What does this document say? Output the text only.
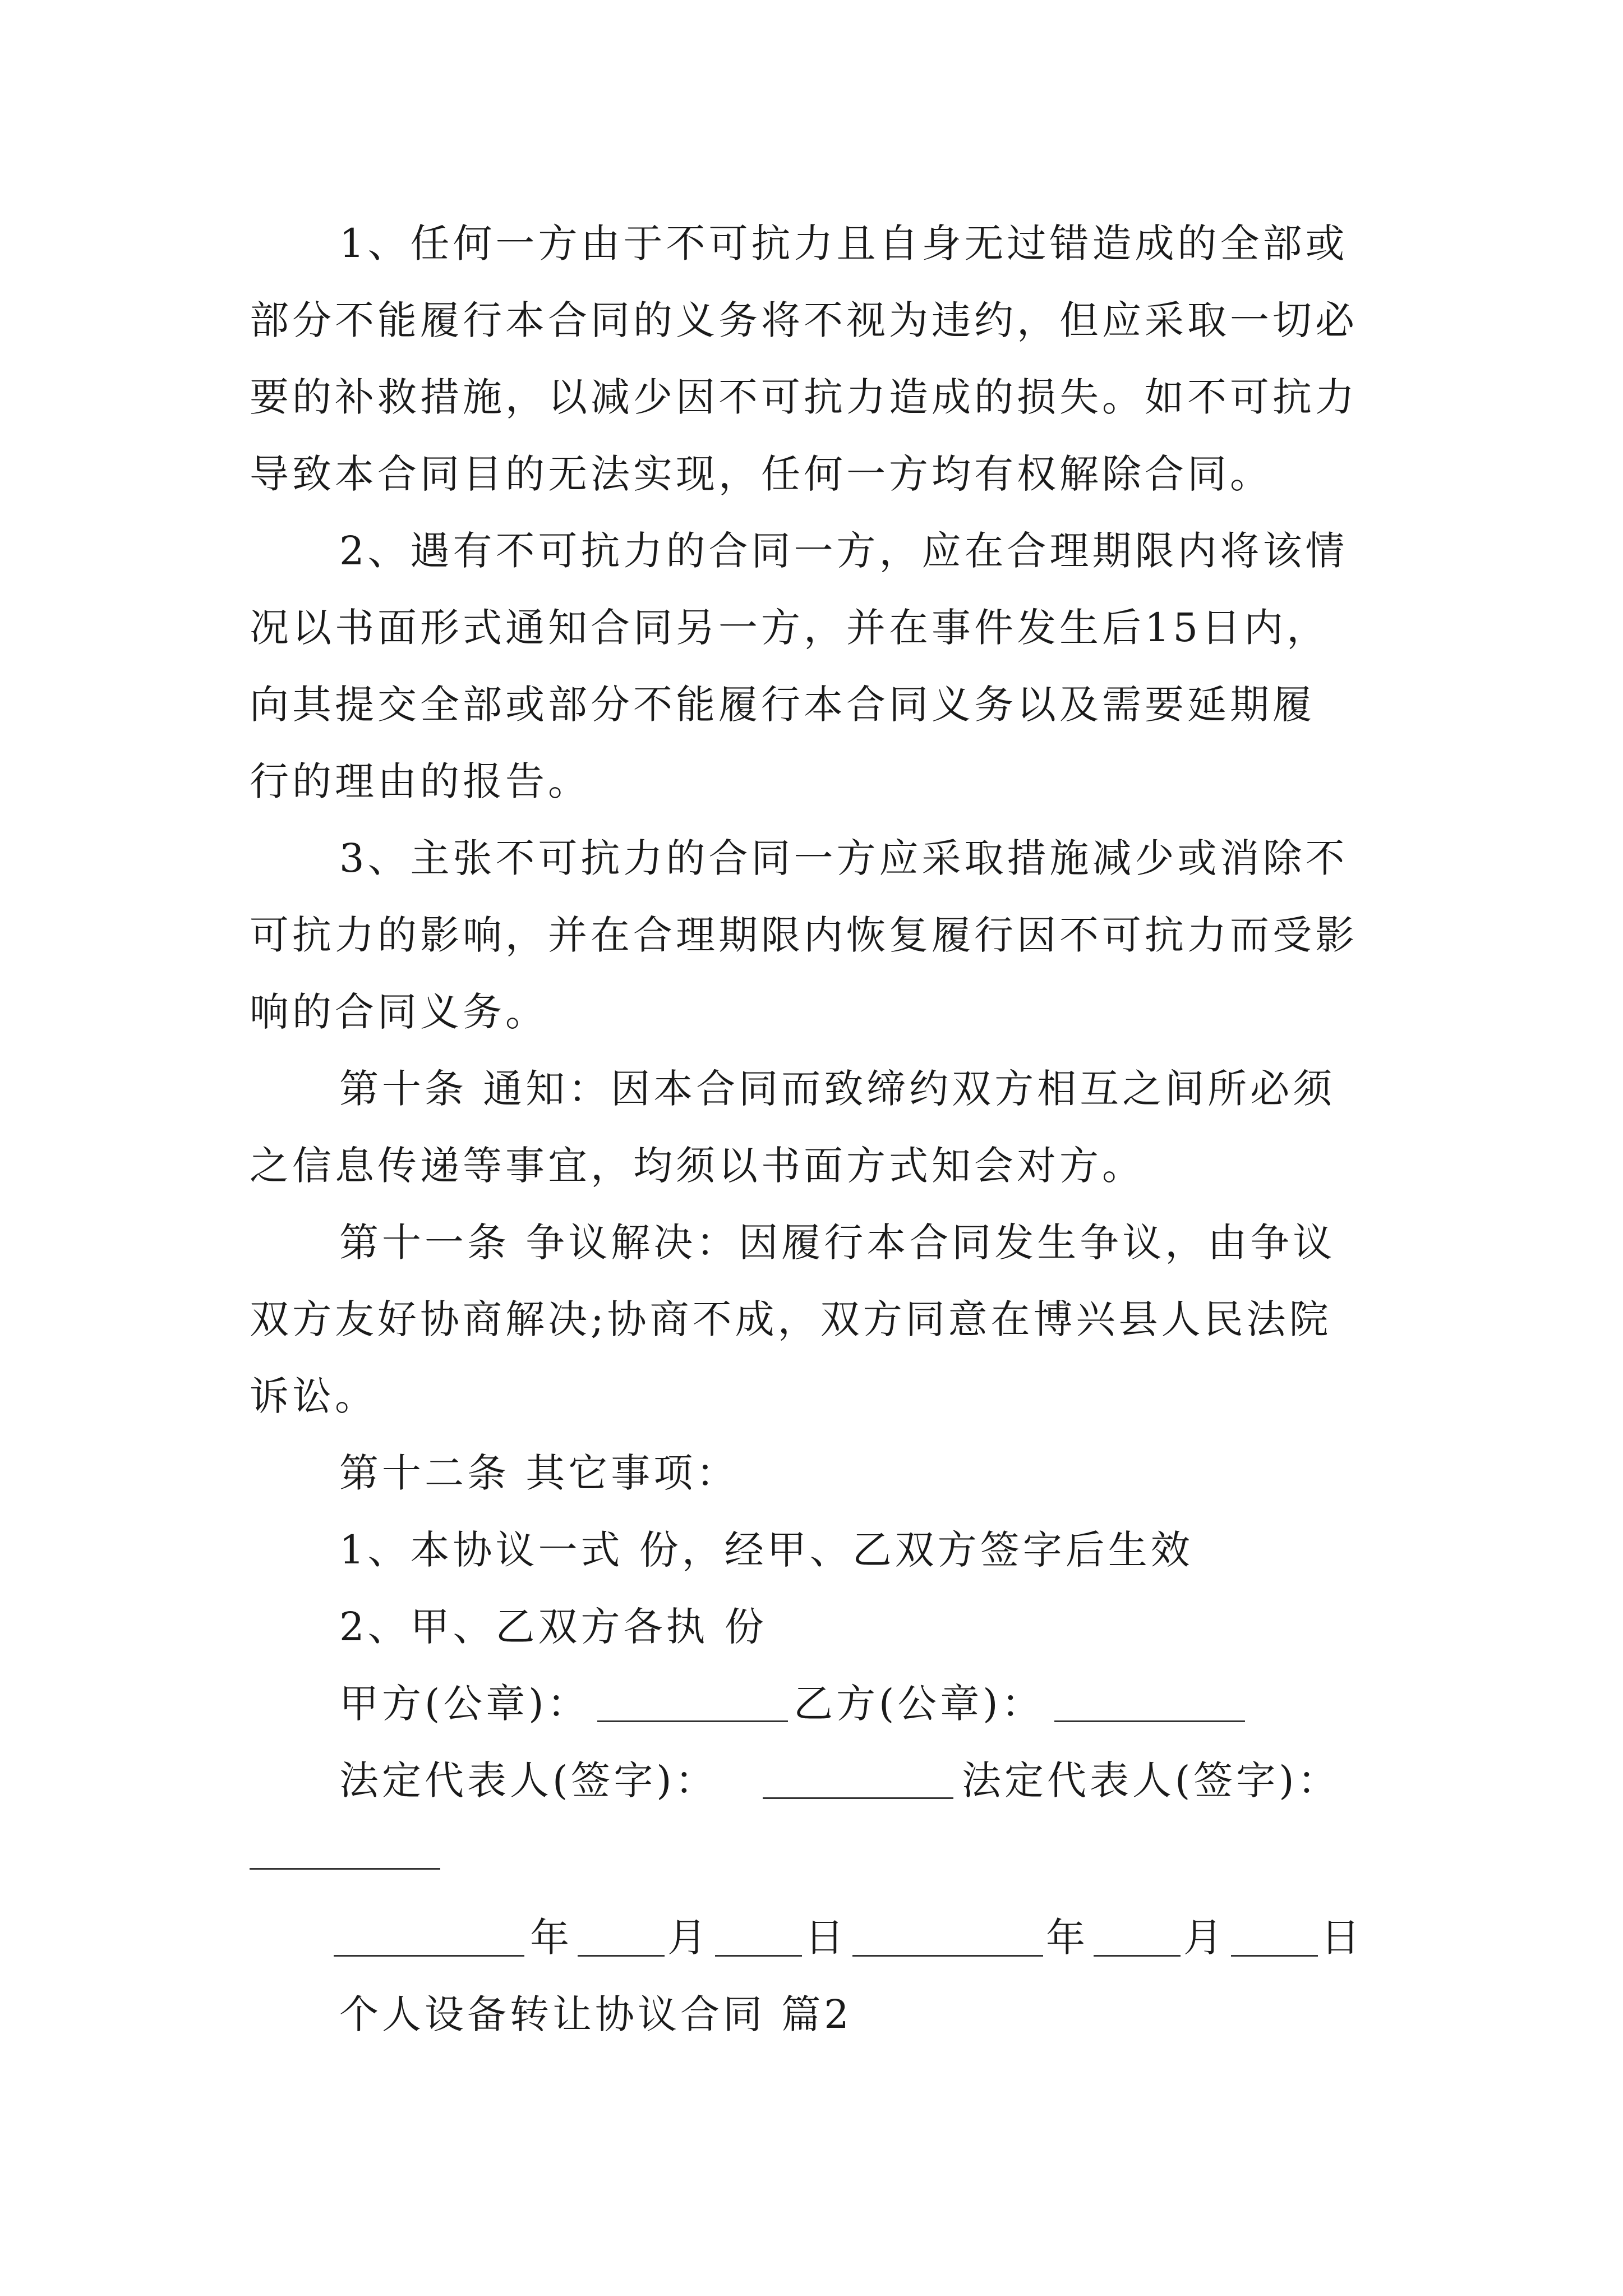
1、任何一方由于不可抗力且自身无过错造成的全部或
部分不能履行本合同的义务将不视为违约，但应采取一切必
要的补救措施，以减少因不可抗力造成的损失。如不可抗力
导致本合同目的无法实现，任何一方均有权解除合同。
2、遇有不可抗力的合同一方，应在合理期限内将该情
况以书面形式通知合同另一方，并在事件发生后15日内，
向其提交全部或部分不能履行本合同义务以及需要延期履
行的理由的报告。
3、主张不可抗力的合同一方应采取措施减少或消除不
可抗力的影响，并在合理期限内恢复履行因不可抗力而受影
响的合同义务。
第十条 通知：因本合同而致缔约双方相互之间所必须
之信息传递等事宜，均须以书面方式知会对方。
第十一条 争议解决：因履行本合同发生争议，由争议
双方友好协商解决;协商不成，双方同意在博兴县人民法院
诉讼。
第十二条 其它事项：
1、本协议一式 份，经甲、乙双方签字后生效
2、甲、乙双方各执 份
甲方(公章)：	乙方(公章)：
法定代表人(签字)：	法定代表人(签字)：
年 月 日	年 月 日
个人设备转让协议合同 篇2
